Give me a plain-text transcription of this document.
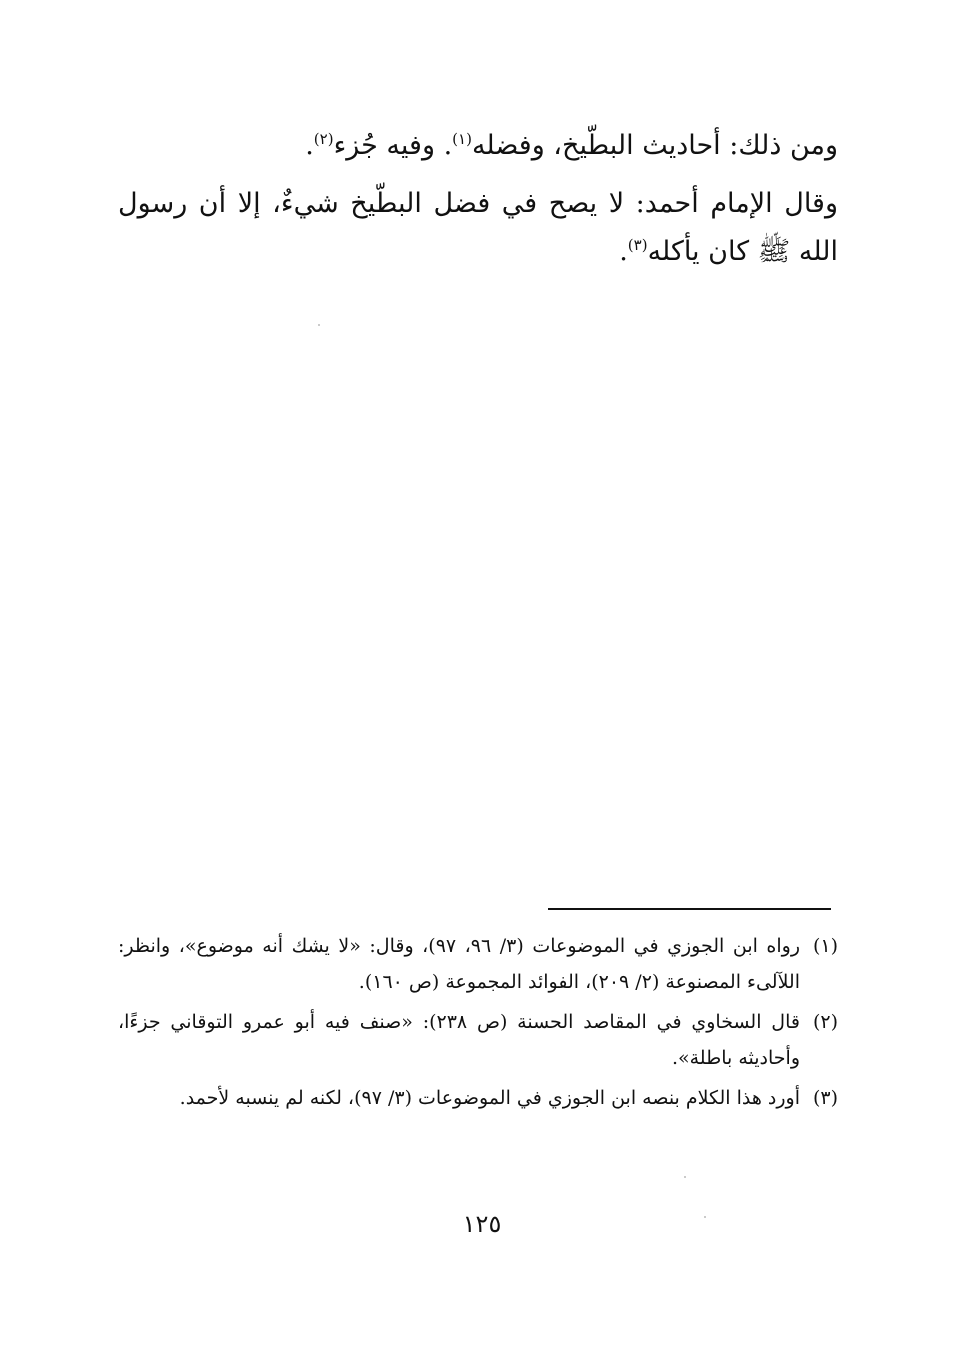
ومن ذلك: أحاديث البطّيخ، وفضله$^{(١)}$. وفيه جُزء$^{(٢)}$.

وقال الإمام أحمد: لا يصح في فضل البطّيخ شيءٌ، إلا أن رسول الله ﷺ كان يأكله$^{(٣)}$.

(١)
رواه ابن الجوزي في الموضوعات (٣/ ٩٦، ٩٧)، وقال: «لا يشك أنه موضوع»، وانظر: اللآلىء المصنوعة (٢/ ٢٠٩)، الفوائد المجموعة (ص ١٦٠).
(٢)
قال السخاوي في المقاصد الحسنة (ص ٢٣٨): «صنف فيه أبو عمرو التوقاني جزءًا، وأحاديثه باطلة».
(٣)
أورد هذا الكلام بنصه ابن الجوزي في الموضوعات (٣/ ٩٧)، لكنه لم ينسبه لأحمد.
١٢٥
